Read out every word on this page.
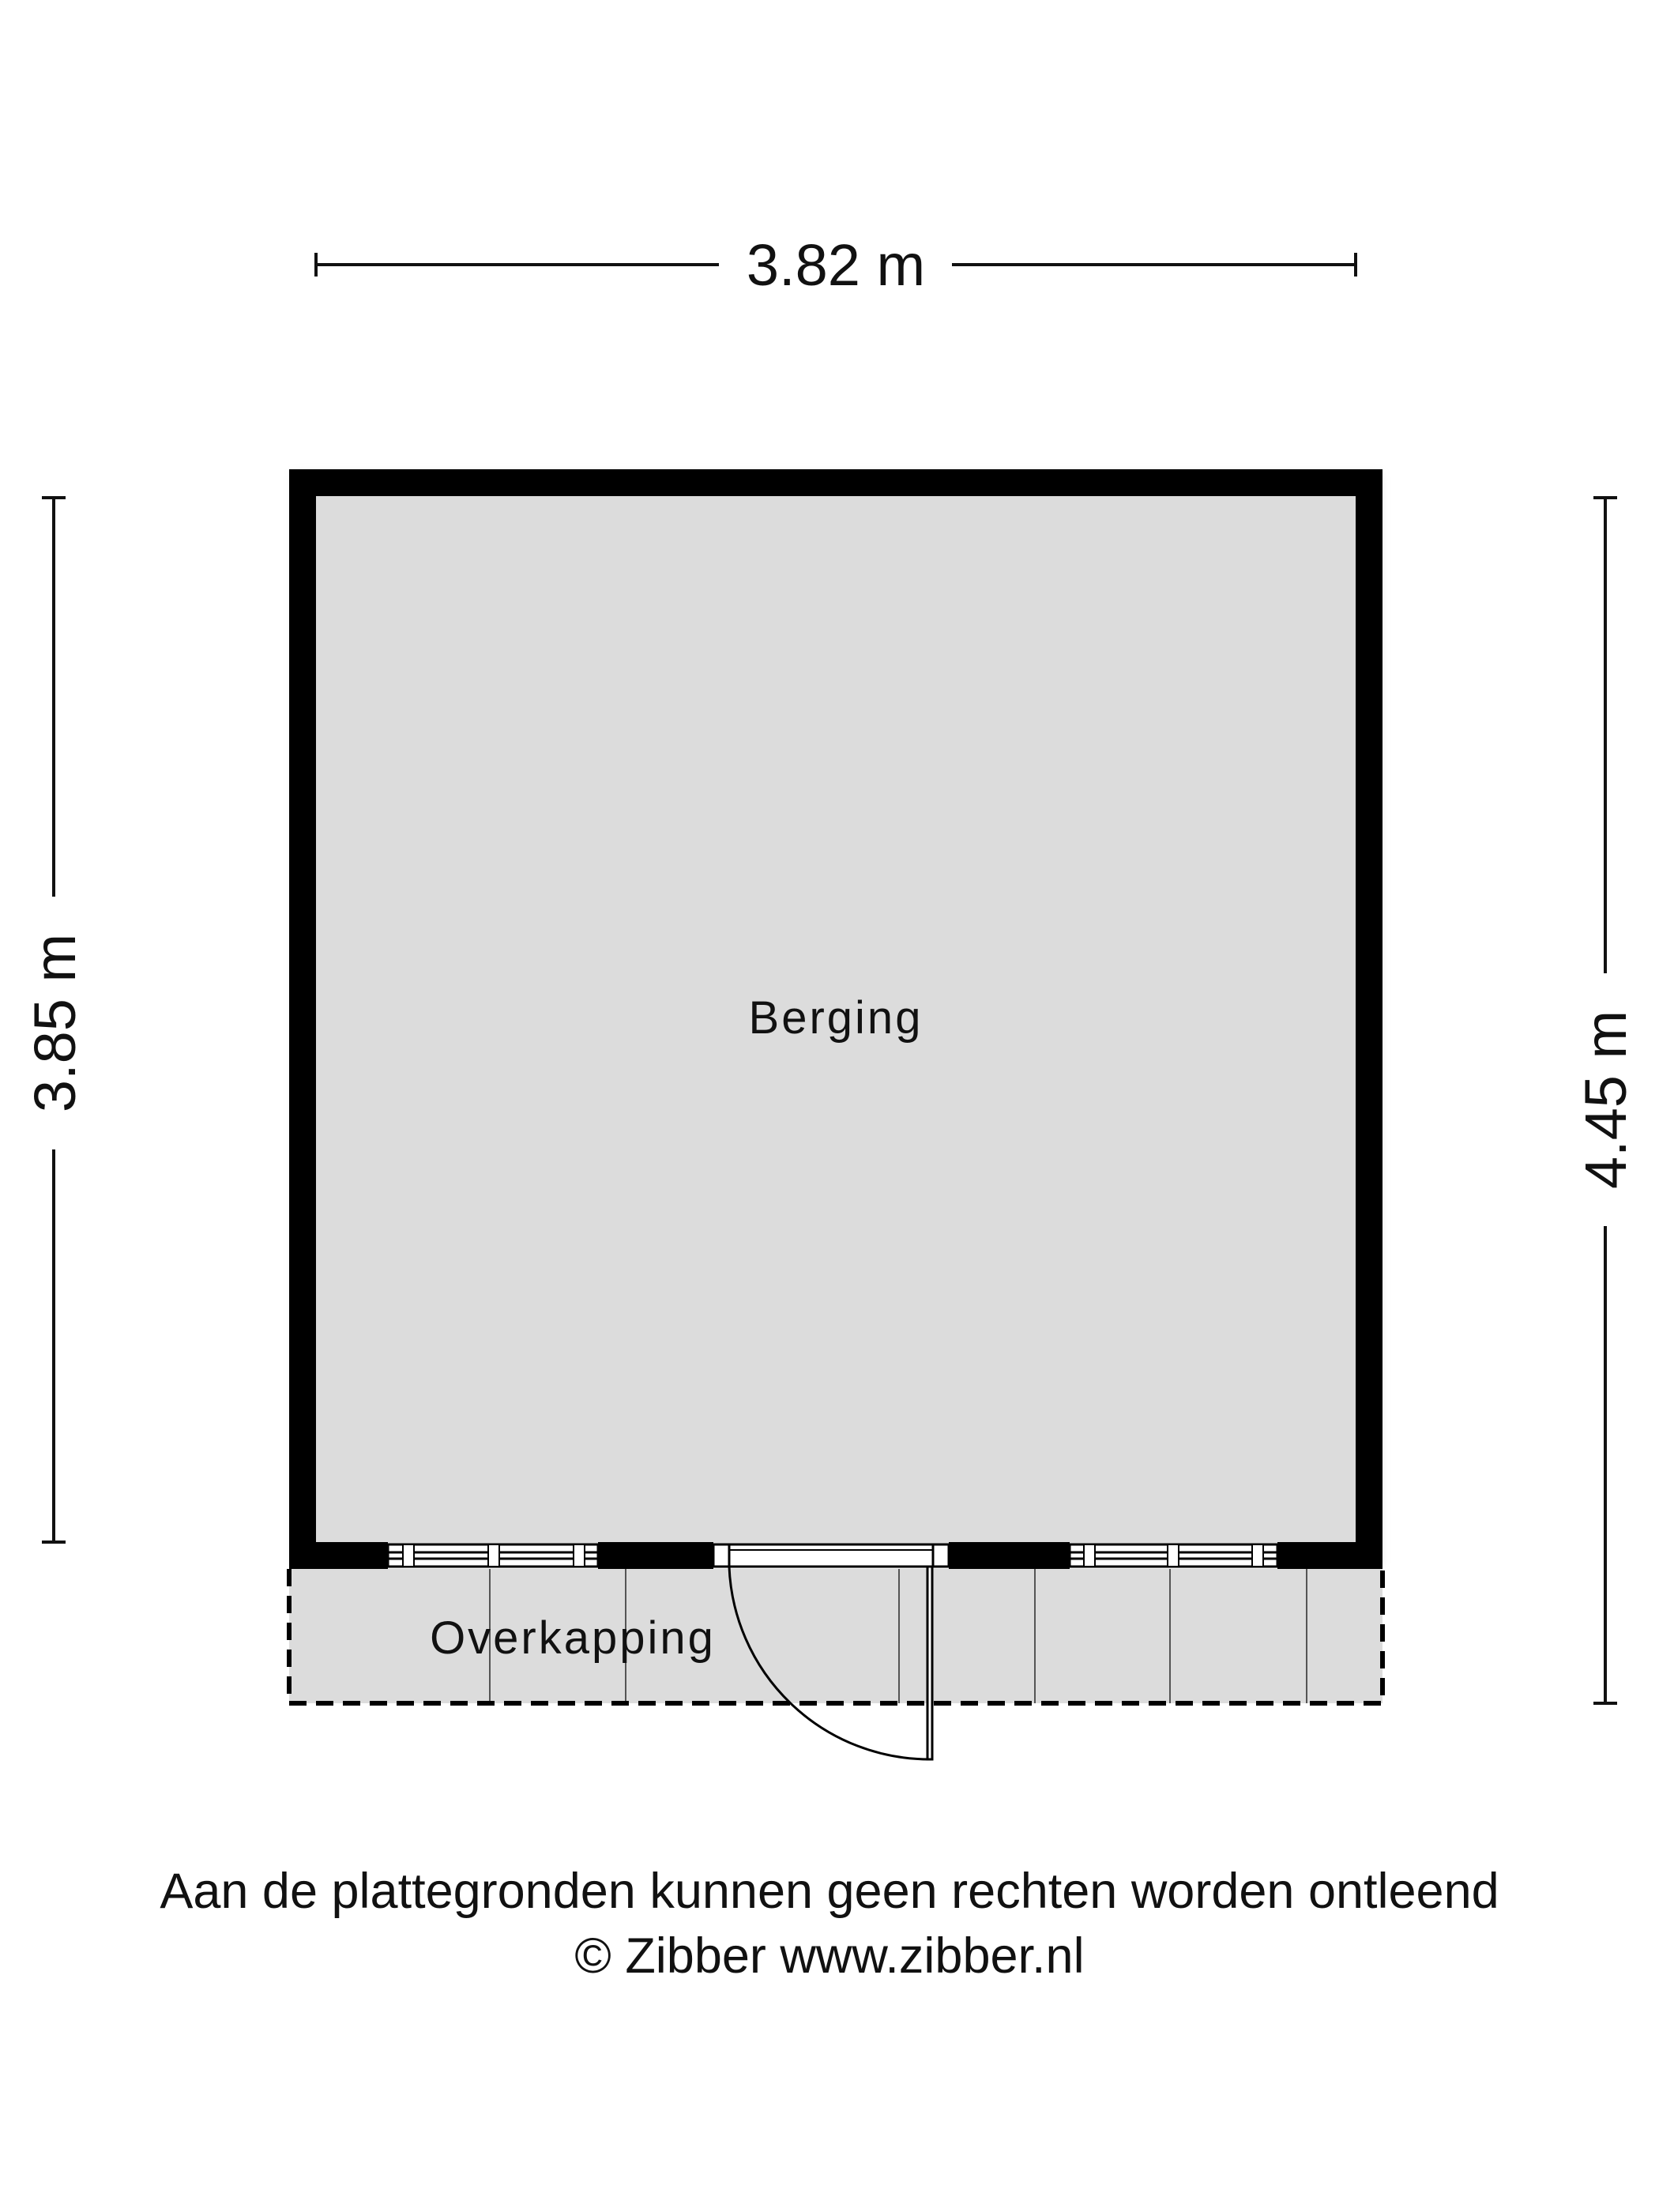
3.82 m
3.85 m	4.45 m
Berging
Overkapping
Aan de plattegronden kunnen geen rechten worden ontleend
© Zibber www.zibber.nl
